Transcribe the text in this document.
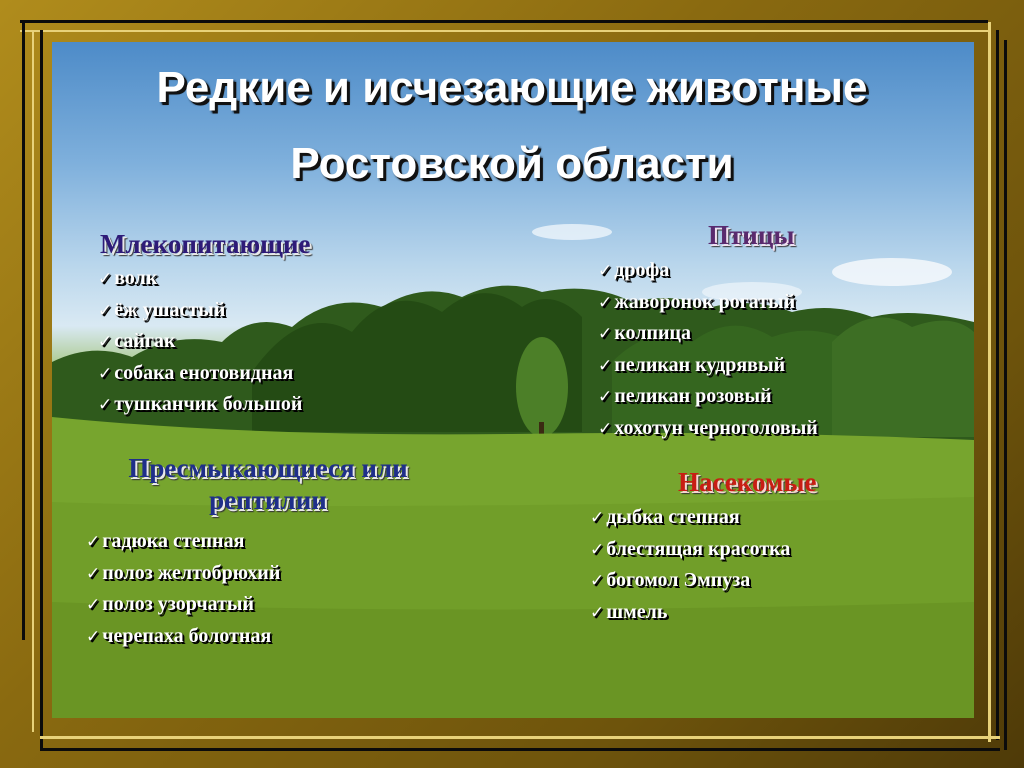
Редкие и исчезающие животные
Ростовской области
Млекопитающие
✓ волк
✓ ёж ушастый
✓ сайгак
✓ собака енотовидная
✓ тушканчик большой
Птицы
✓ дрофа
✓ жаворонок рогатый
✓ колпица
✓ пеликан кудрявый
✓ пеликан розовый
✓ хохотун черноголовый
Пресмыкающиеся или
рептилии
✓ гадюка степная
✓ полоз желтобрюхий
✓ полоз узорчатый
✓ черепаха болотная
Насекомые
✓ дыбка степная
✓ блестящая красотка
✓ богомол Эмпуза
✓ шмель
